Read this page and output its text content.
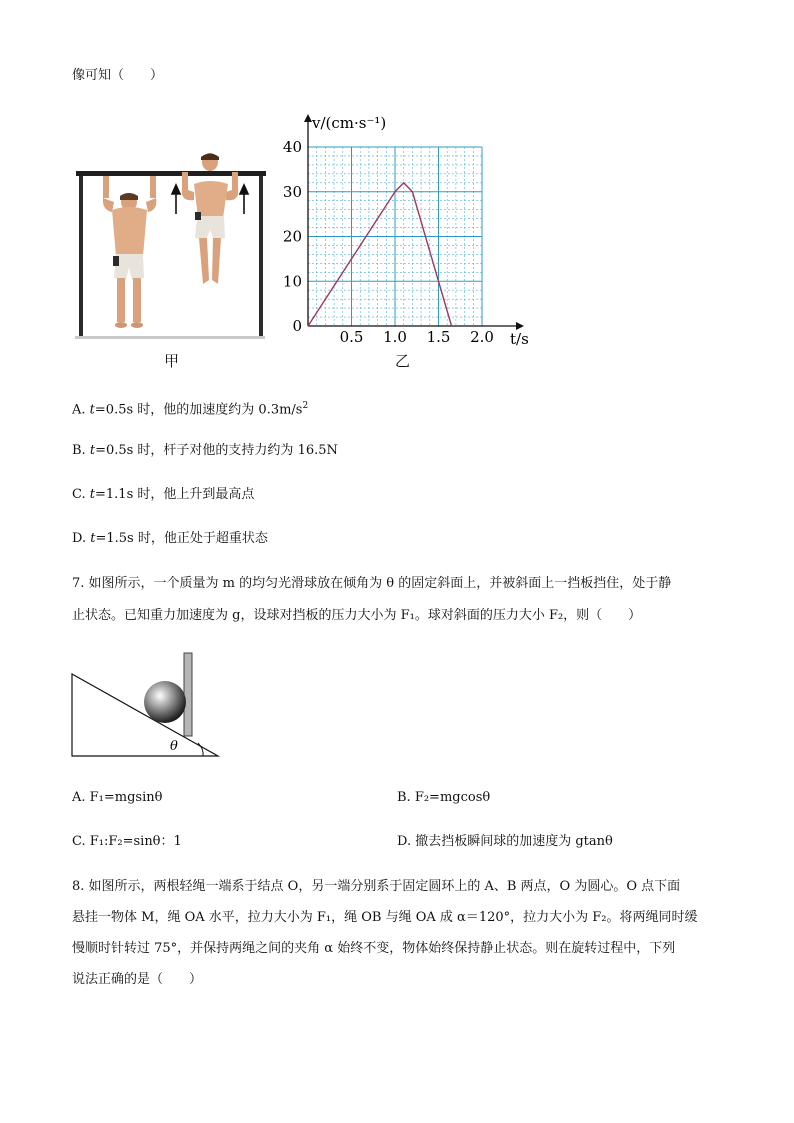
像可知（　　）
甲
0.5 1.0 1.5 2.0
0
10
20
30
40
v/(cm·s⁻¹)
t/s
乙
A. t=0.5s 时，他的加速度约为 $0.3m/s^2$
B. t=0.5s 时，杆子对他的支持力约为 16.5N
C. t=1.1s 时，他上升到最高点
D. t=1.5s 时，他正处于超重状态
7. 如图所示，一个质量为 m 的均匀光滑球放在倾角为 θ 的固定斜面上，并被斜面上一挡板挡住，处于静
止状态。已知重力加速度为 g，设球对挡板的压力大小为 F₁。球对斜面的压力大小 F₂，则（　　）
θ
A. F₁=mgsinθ	B. F₂=mgcosθ
C. F₁:F₂=sinθ：1	D. 撤去挡板瞬间球的加速度为 gtanθ
8. 如图所示，两根轻绳一端系于结点 O，另一端分别系于固定圆环上的 A、B 两点，O 为圆心。O 点下面
悬挂一物体 M，绳 OA 水平，拉力大小为 F₁，绳 OB 与绳 OA 成 α＝120°，拉力大小为 F₂。将两绳同时缓
慢顺时针转过 75°，并保持两绳之间的夹角 α 始终不变，物体始终保持静止状态。则在旋转过程中，下列
说法正确的是（　　）
